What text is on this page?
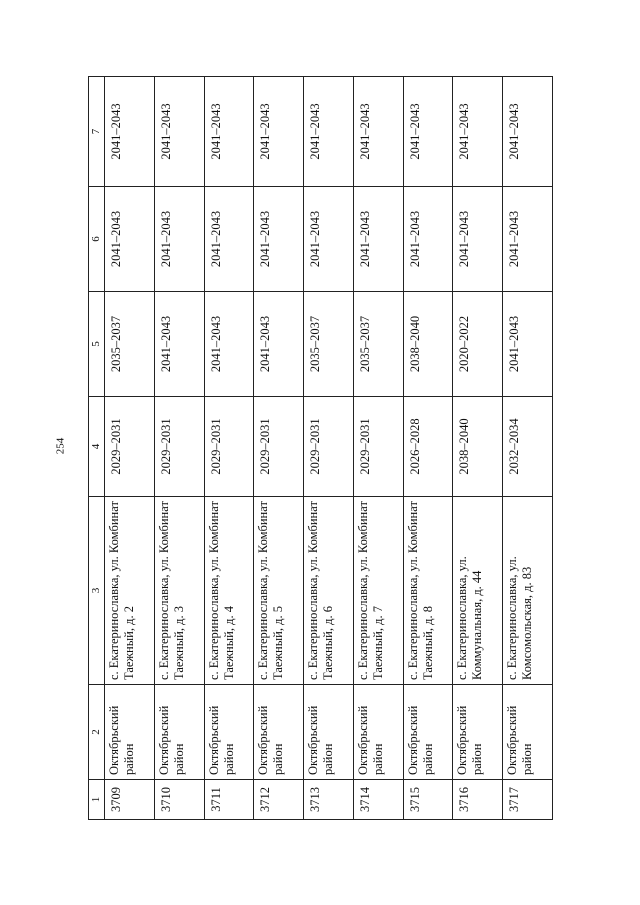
254
1	2	3	4	5	6	7
3709	Октябрьский район	с. Екатеринославка, ул. Комбинат Таежный, д. 2	2029–2031	2035–2037	2041–2043	2041–2043
3710	Октябрьский район	с. Екатеринославка, ул. Комбинат Таежный, д. 3	2029–2031	2041–2043	2041–2043	2041–2043
3711	Октябрьский район	с. Екатеринославка, ул. Комбинат Таежный, д. 4	2029–2031	2041–2043	2041–2043	2041–2043
3712	Октябрьский район	с. Екатеринославка, ул. Комбинат Таежный, д. 5	2029–2031	2041–2043	2041–2043	2041–2043
3713	Октябрьский район	с. Екатеринославка, ул. Комбинат Таежный, д. 6	2029–2031	2035–2037	2041–2043	2041–2043
3714	Октябрьский район	с. Екатеринославка, ул. Комбинат Таежный, д. 7	2029–2031	2035–2037	2041–2043	2041–2043
3715	Октябрьский район	с. Екатеринославка, ул. Комбинат Таежный, д. 8	2026–2028	2038–2040	2041–2043	2041–2043
3716	Октябрьский район	с. Екатеринославка, ул. Коммунальная, д. 44	2038–2040	2020–2022	2041–2043	2041–2043
3717	Октябрьский район	с. Екатеринославка, ул. Комсомольская, д. 83	2032–2034	2041–2043	2041–2043	2041–2043
